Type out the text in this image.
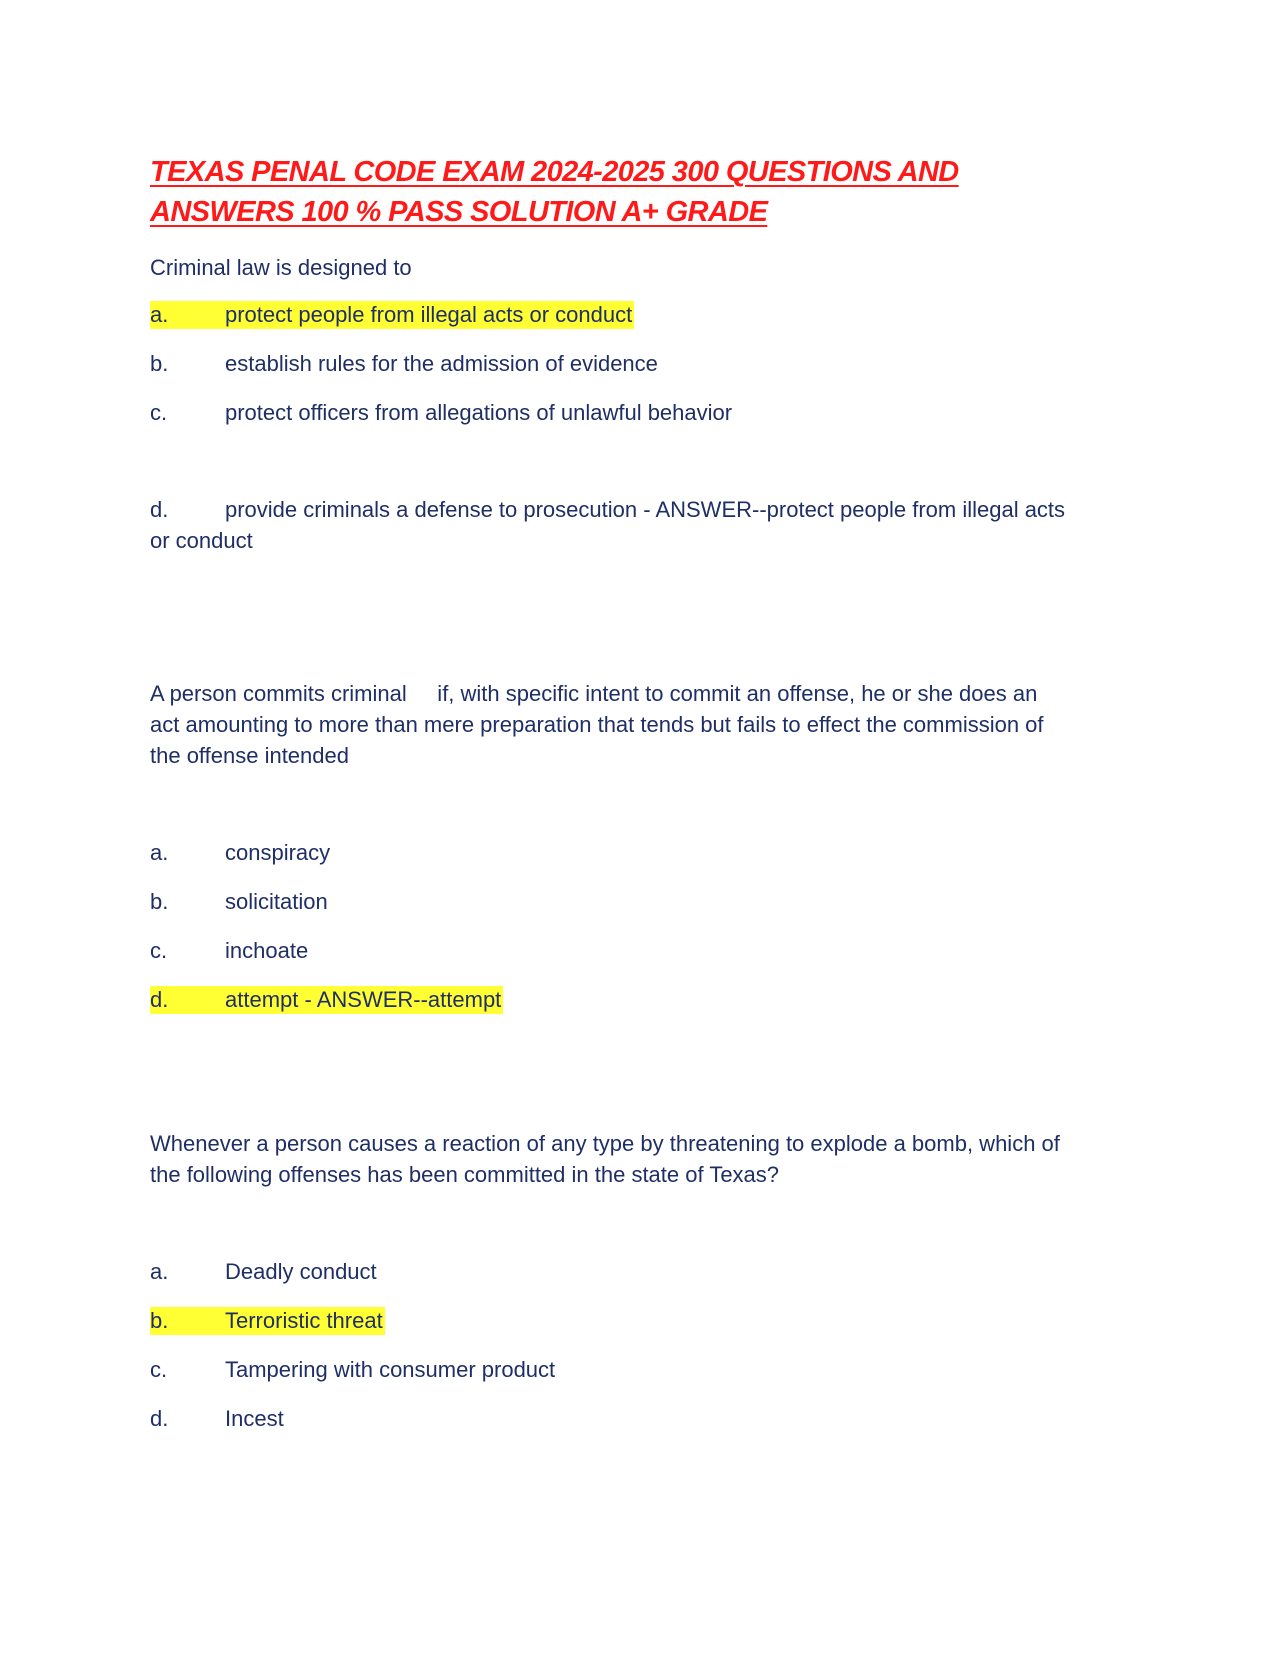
TEXAS PENAL CODE EXAM 2024-2025 300 QUESTIONS AND
ANSWERS 100 % PASS SOLUTION A+ GRADE

Criminal law is designed to

a.	protect people from illegal acts or conduct
b.	establish rules for the admission of evidence
c.	protect officers from allegations of unlawful behavior

d.	provide criminals a defense to prosecution - ANSWER--protect people from illegal acts or conduct

A person commits criminal     if, with specific intent to commit an offense, he or she does an act amounting to more than mere preparation that tends but fails to effect the commission of the offense intended

a.	conspiracy
b.	solicitation
c.	inchoate
d.	attempt - ANSWER--attempt

Whenever a person causes a reaction of any type by threatening to explode a bomb, which of the following offenses has been committed in the state of Texas?

a.	Deadly conduct
b.	Terroristic threat
c.	Tampering with consumer product
d.	Incest
